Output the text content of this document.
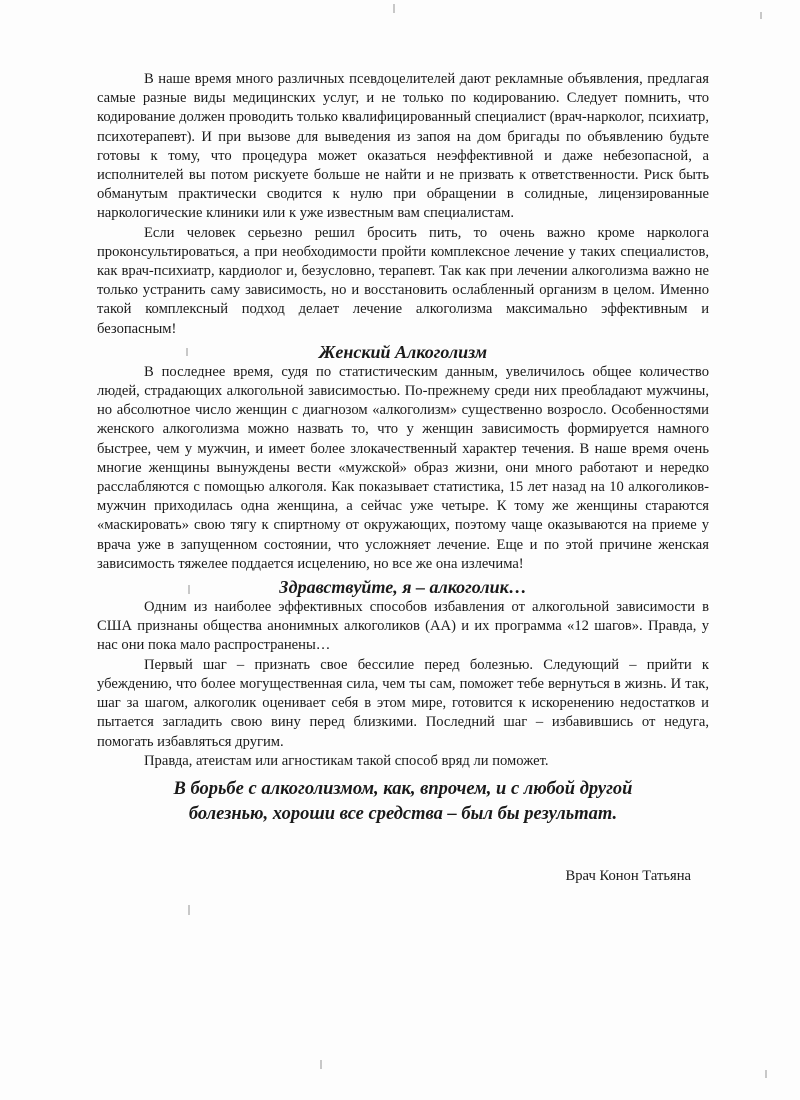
В наше время много различных псевдоцелителей дают рекламные объявления, предлагая самые разные виды медицинских услуг, и не только по кодированию. Следует помнить, что кодирование должен проводить только квалифицированный специалист (врач-нарколог, психиатр, психотерапевт). И при вызове для выведения из запоя на дом бригады по объявлению будьте готовы к тому, что процедура может оказаться неэффективной и даже небезопасной, а исполнителей вы потом рискуете больше не найти и не призвать к ответственности. Риск быть обманутым практически сводится к нулю при обращении в солидные, лицензированные наркологические клиники или к уже известным вам специалистам.

Если человек серьезно решил бросить пить, то очень важно кроме нарколога проконсультироваться, а при необходимости пройти комплексное лечение у таких специалистов, как врач-психиатр, кардиолог и, безусловно, терапевт. Так как при лечении алкоголизма важно не только устранить саму зависимость, но и восстановить ослабленный организм в целом. Именно такой комплексный подход делает лечение алкоголизма максимально эффективным и безопасным!

Женский Алкоголизм

В последнее время, судя по статистическим данным, увеличилось общее количество людей, страдающих алкогольной зависимостью. По-прежнему среди них преобладают мужчины, но абсолютное число женщин с диагнозом «алкоголизм» существенно возросло. Особенностями женского алкоголизма можно назвать то, что у женщин зависимость формируется намного быстрее, чем у мужчин, и имеет более злокачественный характер течения. В наше время очень многие женщины вынуждены вести «мужской» образ жизни, они много работают и нередко расслабляются с помощью алкоголя. Как показывает статистика, 15 лет назад на 10 алкоголиков-мужчин приходилась одна женщина, а сейчас уже четыре. К тому же женщины стараются «маскировать» свою тягу к спиртному от окружающих, поэтому чаще оказываются на приеме у врача уже в запущенном состоянии, что усложняет лечение. Еще и по этой причине женская зависимость тяжелее поддается исцелению, но все же она излечима!

Здравствуйте, я – алкоголик…

Одним из наиболее эффективных способов избавления от алкогольной зависимости в США признаны общества анонимных алкоголиков (АА) и их программа «12 шагов». Правда, у нас они пока мало распространены…

Первый шаг – признать свое бессилие перед болезнью. Следующий – прийти к убеждению, что более могущественная сила, чем ты сам, поможет тебе вернуться в жизнь. И так, шаг за шагом, алкоголик оценивает себя в этом мире, готовится к искоренению недостатков и пытается загладить свою вину перед близкими. Последний шаг – избавившись от недуга, помогать избавляться другим.

Правда, атеистам или агностикам такой способ вряд ли поможет.

В борьбе с алкоголизмом, как, впрочем, и с любой другой
болезнью, хороши все средства – был бы результат.
Врач Конон Татьяна
